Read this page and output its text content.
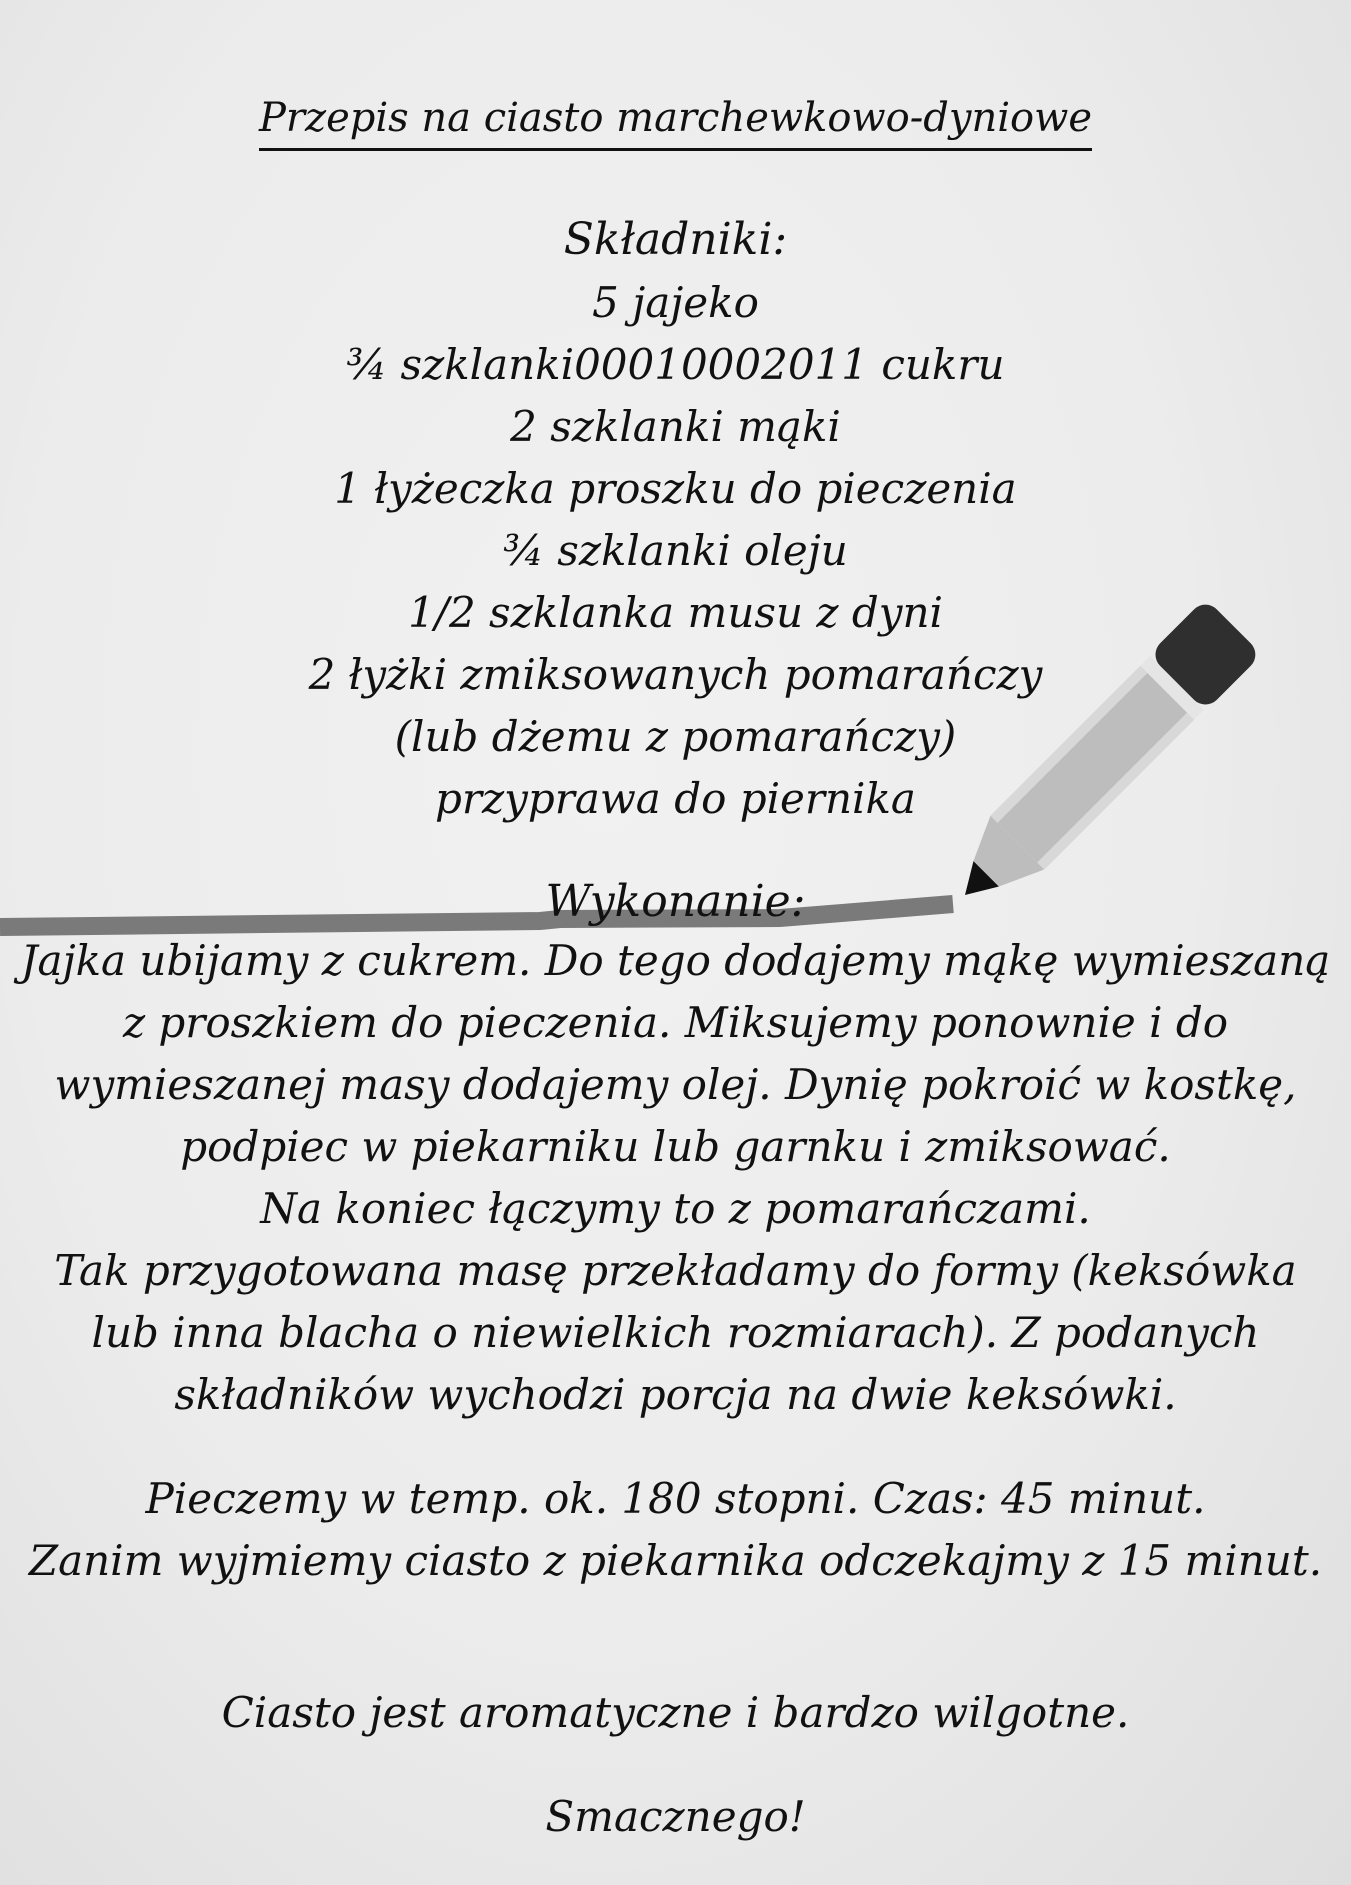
Przepis na ciasto marchewkowo-dyniowe
Składniki:
5 jajeko
¾ szklanki00010002011 cukru
2 szklanki mąki
1 łyżeczka proszku do pieczenia
¾ szklanki oleju
1/2 szklanka musu z dyni
2 łyżki zmiksowanych pomarańczy
(lub dżemu z pomarańczy)
przyprawa do piernika
Wykonanie:

Jajka ubijamy z cukrem. Do tego dodajemy mąkę wymieszaną

z proszkiem do pieczenia. Miksujemy ponownie i do

wymieszanej masy dodajemy olej. Dynię pokroić w kostkę,

podpiec w piekarniku lub garnku i zmiksować.

Na koniec łączymy to z pomarańczami.

Tak przygotowana masę przekładamy do formy (keksówka

lub inna blacha o niewielkich rozmiarach). Z podanych

składników wychodzi porcja na dwie keksówki.

Pieczemy w temp. ok. 180 stopni. Czas: 45 minut.

Zanim wyjmiemy ciasto z piekarnika odczekajmy z 15 minut.

Ciasto jest aromatyczne i bardzo wilgotne.

Smacznego!
